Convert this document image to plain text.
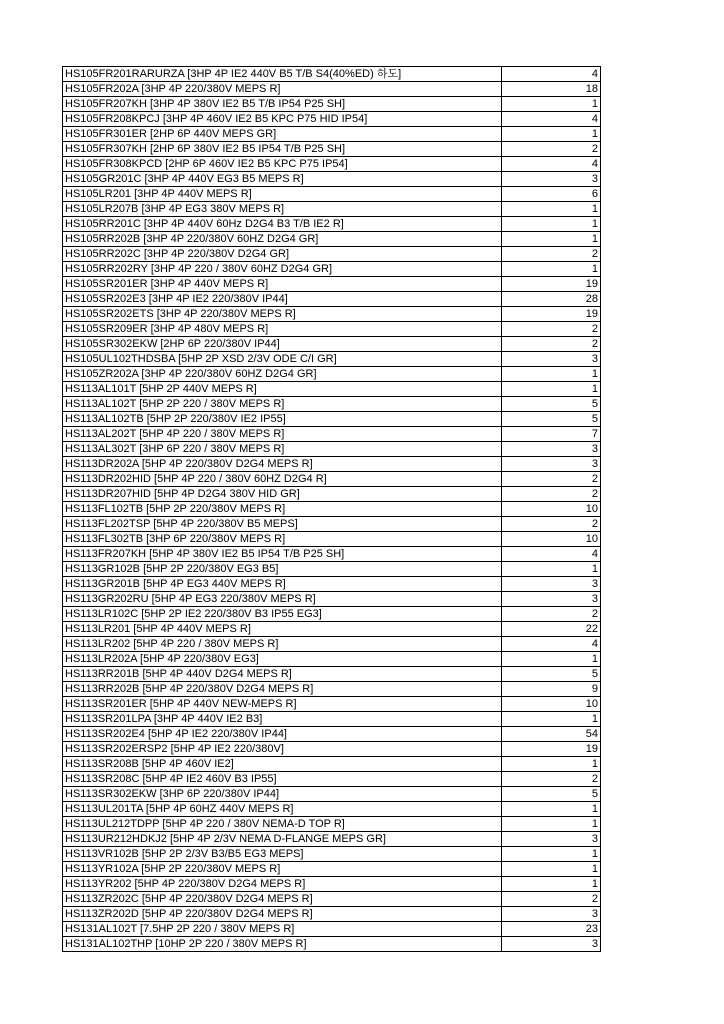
HS105FR201RARURZA [3HP 4P IE2 440V B5 T/B S4(40%ED) 하도]	4
HS105FR202A [3HP 4P 220/380V MEPS R]	18
HS105FR207KH [3HP 4P 380V IE2 B5 T/B IP54 P25 SH]	1
HS105FR208KPCJ [3HP 4P 460V IE2 B5 KPC P75 HID IP54]	4
HS105FR301ER [2HP 6P 440V MEPS GR]	1
HS105FR307KH [2HP 6P 380V IE2 B5 IP54 T/B P25 SH]	2
HS105FR308KPCD [2HP 6P 460V IE2 B5 KPC P75 IP54]	4
HS105GR201C [3HP 4P 440V EG3 B5 MEPS R]	3
HS105LR201 [3HP 4P 440V MEPS R]	6
HS105LR207B [3HP 4P EG3 380V MEPS R]	1
HS105RR201C [3HP 4P 440V 60Hz D2G4 B3 T/B IE2 R]	1
HS105RR202B [3HP 4P 220/380V 60HZ D2G4 GR]	1
HS105RR202C [3HP 4P 220/380V D2G4 GR]	2
HS105RR202RY [3HP 4P 220 / 380V 60HZ D2G4 GR]	1
HS105SR201ER [3HP 4P 440V MEPS R]	19
HS105SR202E3 [3HP 4P IE2 220/380V IP44]	28
HS105SR202ETS [3HP 4P 220/380V MEPS R]	19
HS105SR209ER [3HP 4P 480V MEPS R]	2
HS105SR302EKW [2HP 6P 220/380V IP44]	2
HS105UL102THDSBA [5HP 2P XSD 2/3V ODE C/I GR]	3
HS105ZR202A [3HP 4P 220/380V 60HZ D2G4 GR]	1
HS113AL101T [5HP 2P 440V MEPS R]	1
HS113AL102T [5HP 2P 220 / 380V MEPS R]	5
HS113AL102TB [5HP 2P 220/380V IE2 IP55]	5
HS113AL202T [5HP 4P 220 / 380V MEPS R]	7
HS113AL302T [3HP 6P 220 / 380V MEPS R]	3
HS113DR202A [5HP 4P 220/380V D2G4 MEPS R]	3
HS113DR202HID [5HP 4P 220 / 380V 60HZ D2G4 R]	2
HS113DR207HID [5HP 4P D2G4 380V HID GR]	2
HS113FL102TB [5HP 2P 220/380V MEPS R]	10
HS113FL202TSP [5HP 4P 220/380V B5 MEPS]	2
HS113FL302TB [3HP 6P 220/380V MEPS R]	10
HS113FR207KH [5HP 4P 380V IE2 B5 IP54 T/B P25 SH]	4
HS113GR102B [5HP 2P 220/380V EG3 B5]	1
HS113GR201B [5HP 4P EG3 440V MEPS R]	3
HS113GR202RU [5HP 4P EG3 220/380V MEPS R]	3
HS113LR102C [5HP 2P IE2 220/380V B3 IP55 EG3]	2
HS113LR201 [5HP 4P 440V MEPS R]	22
HS113LR202 [5HP 4P 220 / 380V MEPS R]	4
HS113LR202A [5HP 4P 220/380V EG3]	1
HS113RR201B [5HP 4P 440V D2G4 MEPS R]	5
HS113RR202B [5HP 4P 220/380V D2G4 MEPS R]	9
HS113SR201ER [5HP 4P 440V NEW-MEPS R]	10
HS113SR201LPA [3HP 4P 440V IE2 B3]	1
HS113SR202E4 [5HP 4P IE2 220/380V IP44]	54
HS113SR202ERSP2 [5HP 4P IE2 220/380V]	19
HS113SR208B [5HP 4P 460V IE2]	1
HS113SR208C [5HP 4P IE2 460V B3 IP55]	2
HS113SR302EKW [3HP 6P 220/380V IP44]	5
HS113UL201TA [5HP 4P 60HZ 440V MEPS R]	1
HS113UL212TDPP [5HP 4P 220 / 380V NEMA-D TOP R]	1
HS113UR212HDKJ2 [5HP 4P 2/3V NEMA D-FLANGE MEPS GR]	3
HS113VR102B [5HP 2P 2/3V B3/B5 EG3 MEPS]	1
HS113YR102A [5HP 2P 220/380V MEPS R]	1
HS113YR202 [5HP 4P 220/380V D2G4 MEPS R]	1
HS113ZR202C [5HP 4P 220/380V D2G4 MEPS R]	2
HS113ZR202D [5HP 4P 220/380V D2G4 MEPS R]	3
HS131AL102T [7.5HP 2P 220 / 380V MEPS R]	23
HS131AL102THP [10HP 2P 220 / 380V MEPS R]	3
